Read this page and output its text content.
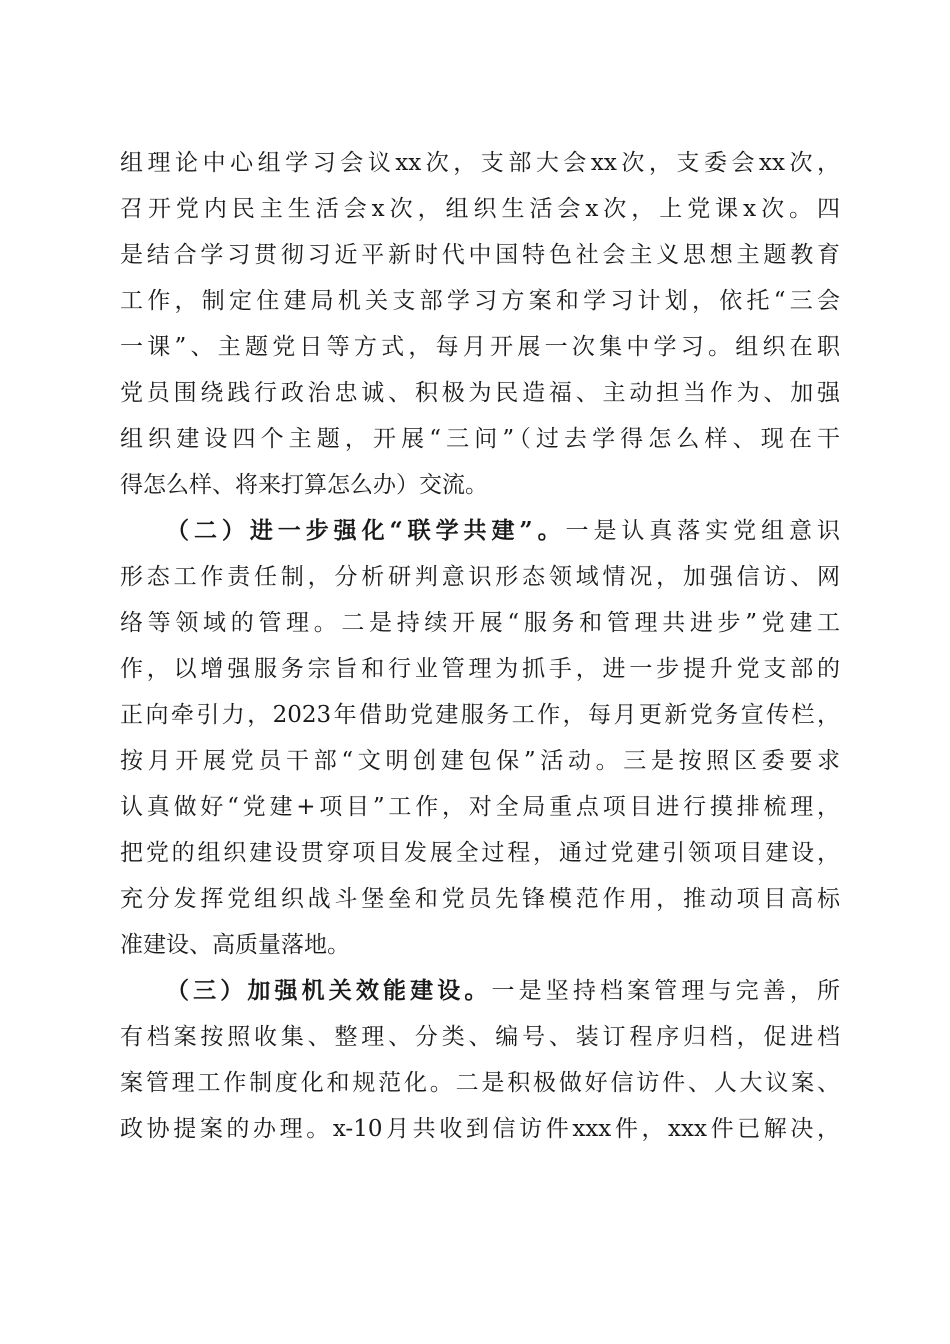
组理论中心组学习会议xx次，支部大会xx次，支委会xx次，
召开党内民主生活会x次，组织生活会x次，上党课x次。四
是结合学习贯彻习近平新时代中国特色社会主义思想主题教育
工作，制定住建局机关支部学习方案和学习计划，依托“三会
一课”、主题党日等方式，每月开展一次集中学习。组织在职
党员围绕践行政治忠诚、积极为民造福、主动担当作为、加强
组织建设四个主题，开展“三问”（过去学得怎么样、现在干
得怎么样、将来打算怎么办）交流。
（二）进一步强化“联学共建”。一是认真落实党组意识
形态工作责任制，分析研判意识形态领域情况，加强信访、网
络等领域的管理。二是持续开展“服务和管理共进步”党建工
作，以增强服务宗旨和行业管理为抓手，进一步提升党支部的
正向牵引力，2023年借助党建服务工作，每月更新党务宣传栏，
按月开展党员干部“文明创建包保”活动。三是按照区委要求
认真做好“党建+项目”工作，对全局重点项目进行摸排梳理，
把党的组织建设贯穿项目发展全过程，通过党建引领项目建设，
充分发挥党组织战斗堡垒和党员先锋模范作用，推动项目高标
准建设、高质量落地。
（三）加强机关效能建设。一是坚持档案管理与完善，所
有档案按照收集、整理、分类、编号、装订程序归档，促进档
案管理工作制度化和规范化。二是积极做好信访件、人大议案、
政协提案的办理。x-10月共收到信访件xxx件，xxx件已解决，
